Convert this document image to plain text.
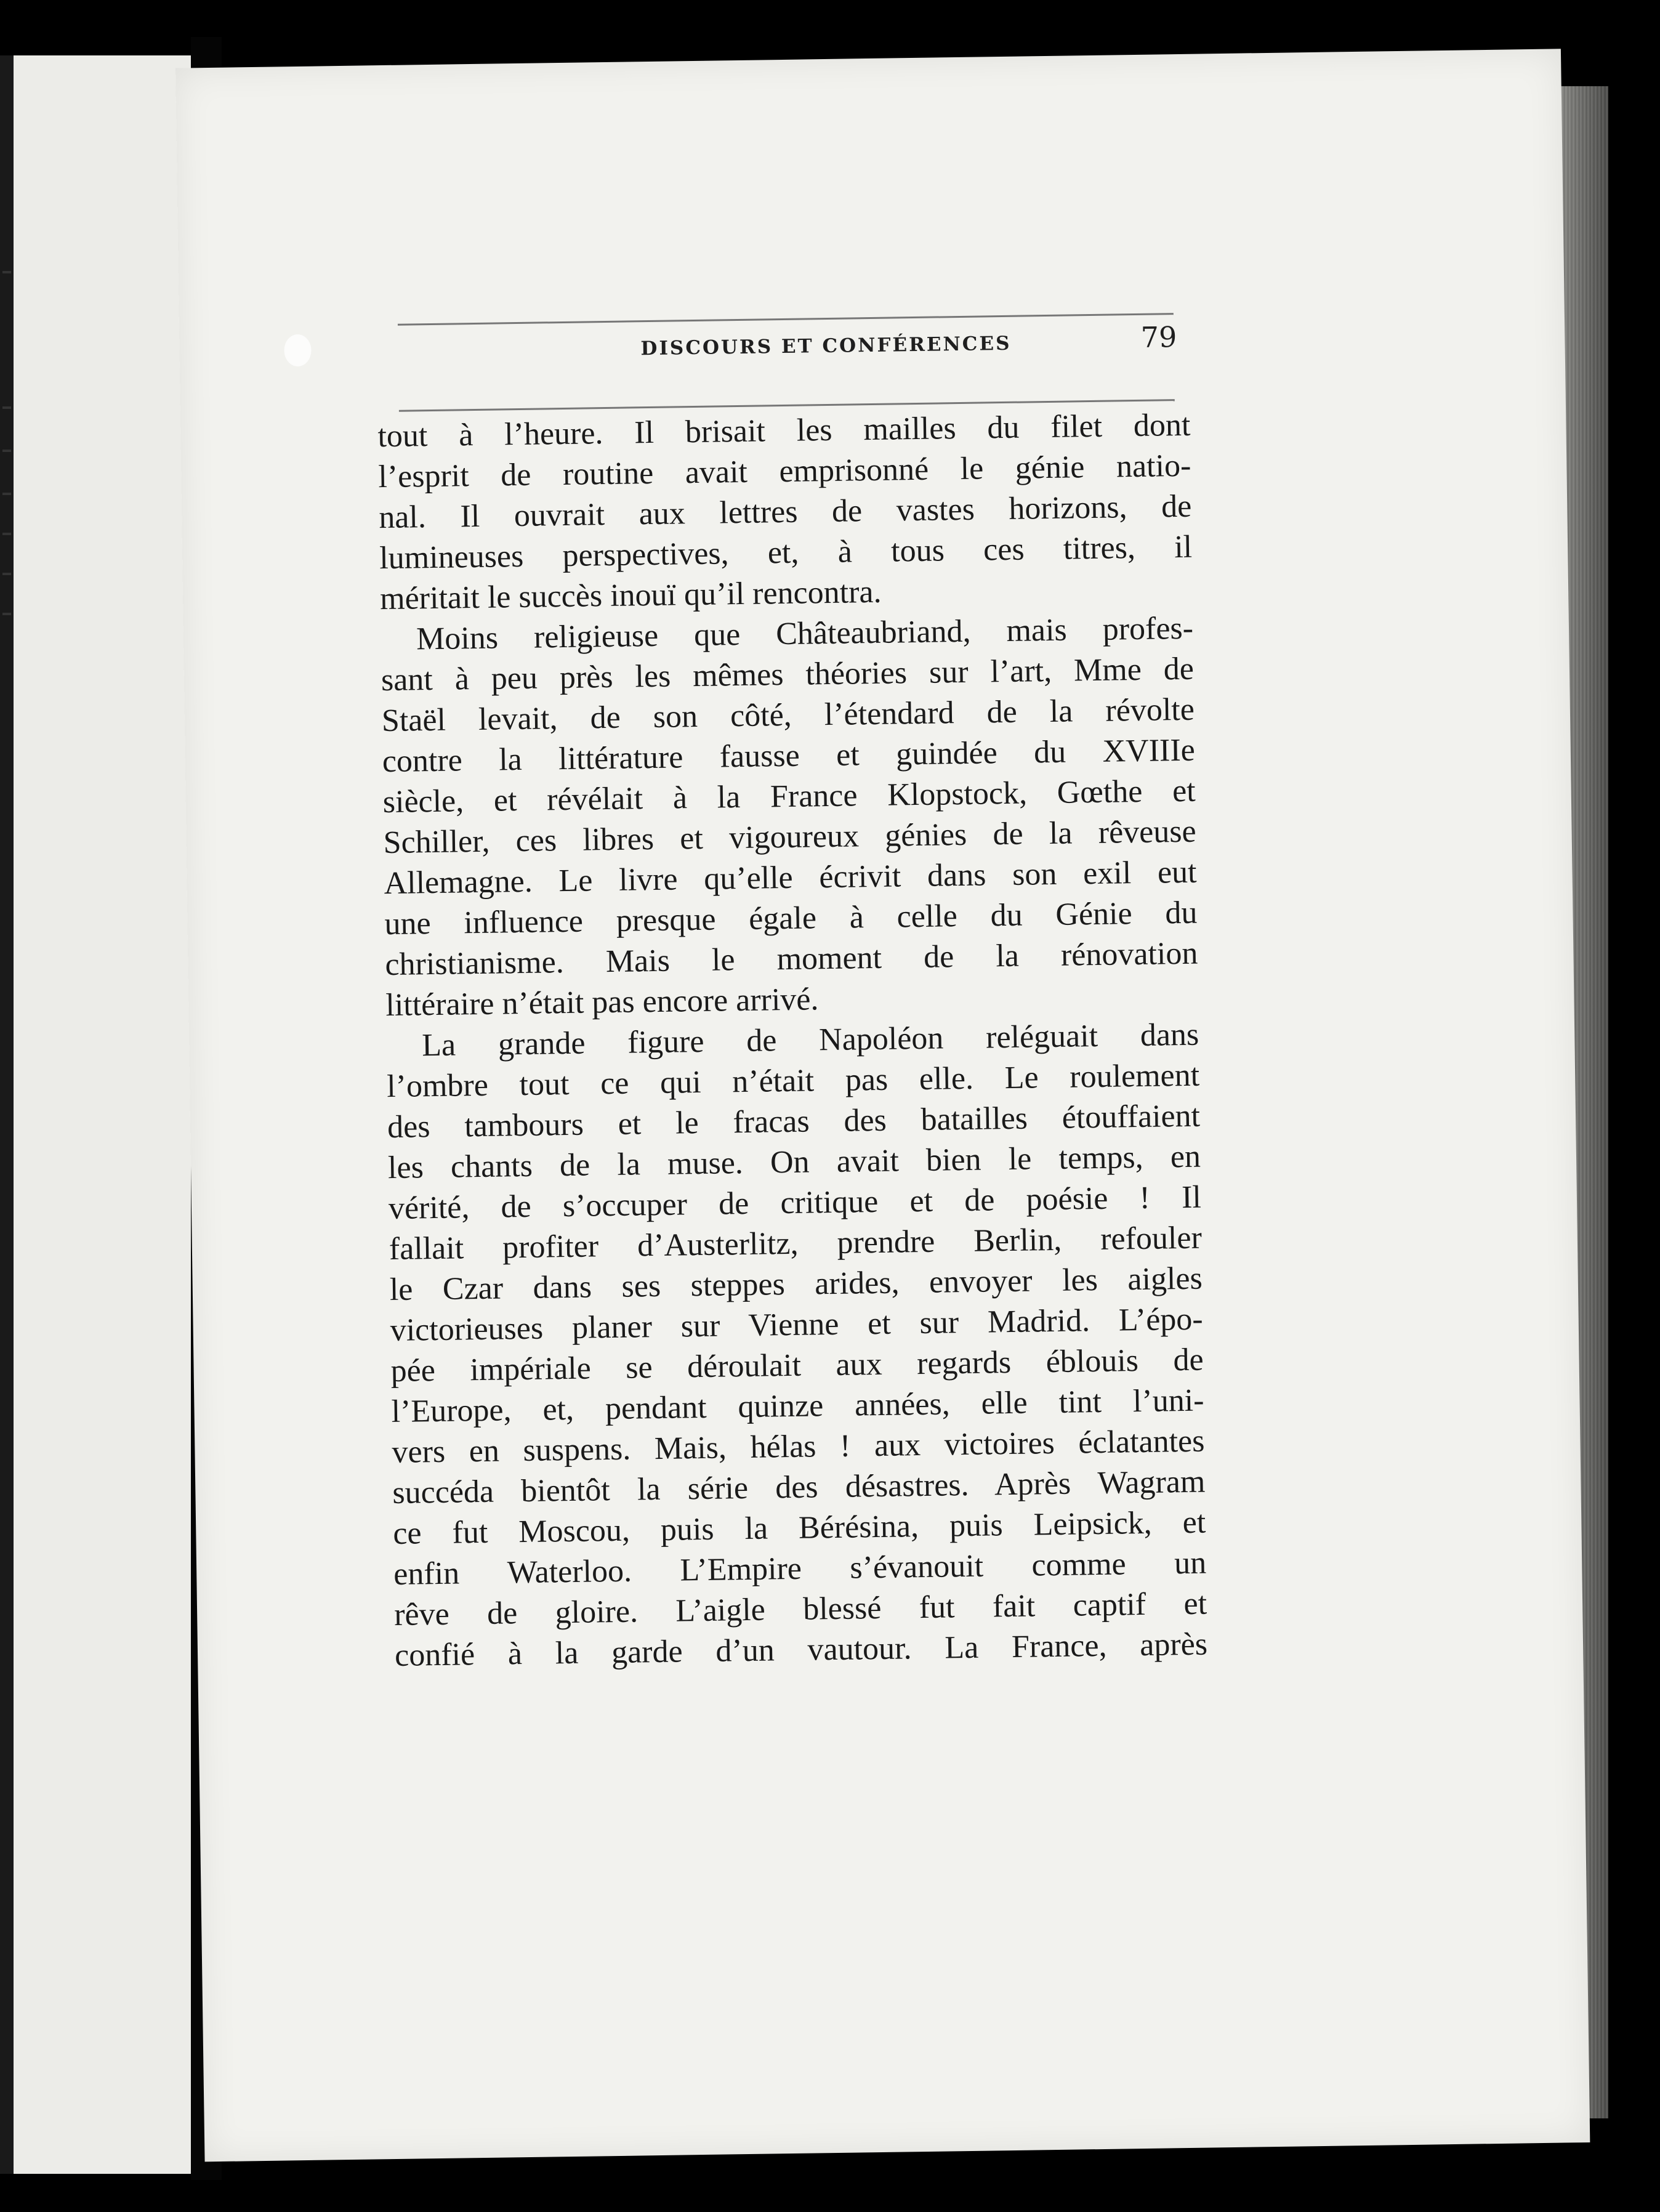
DISCOURS ET CONFÉRENCES	79

tout à l’heure. Il brisait les mailles du filet dont
l’esprit de routine avait emprisonné le génie natio-
nal. Il ouvrait aux lettres de vastes horizons, de
lumineuses perspectives, et, à tous ces titres, il
méritait le succès inouï qu’il rencontra.

Moins religieuse que Châteaubriand, mais profes-
sant à peu près les mêmes théories sur l’art, Mme de
Staël levait, de son côté, l’étendard de la révolte
contre la littérature fausse et guindée du XVIIIe
siècle, et révélait à la France Klopstock, Gœthe et
Schiller, ces libres et vigoureux génies de la rêveuse
Allemagne. Le livre qu’elle écrivit dans son exil eut
une influence presque égale à celle du Génie du
christianisme. Mais le moment de la rénovation
littéraire n’était pas encore arrivé.

La grande figure de Napoléon reléguait dans
l’ombre tout ce qui n’était pas elle. Le roulement
des tambours et le fracas des batailles étouffaient
les chants de la muse. On avait bien le temps, en
vérité, de s’occuper de critique et de poésie ! Il
fallait profiter d’Austerlitz, prendre Berlin, refouler
le Czar dans ses steppes arides, envoyer les aigles
victorieuses planer sur Vienne et sur Madrid. L’épo-
pée impériale se déroulait aux regards éblouis de
l’Europe, et, pendant quinze années, elle tint l’uni-
vers en suspens. Mais, hélas ! aux victoires éclatantes
succéda bientôt la série des désastres. Après Wagram
ce fut Moscou, puis la Bérésina, puis Leipsick, et
enfin Waterloo. L’Empire s’évanouit comme un
rêve de gloire. L’aigle blessé fut fait captif et
confié à la garde d’un vautour. La France, après
